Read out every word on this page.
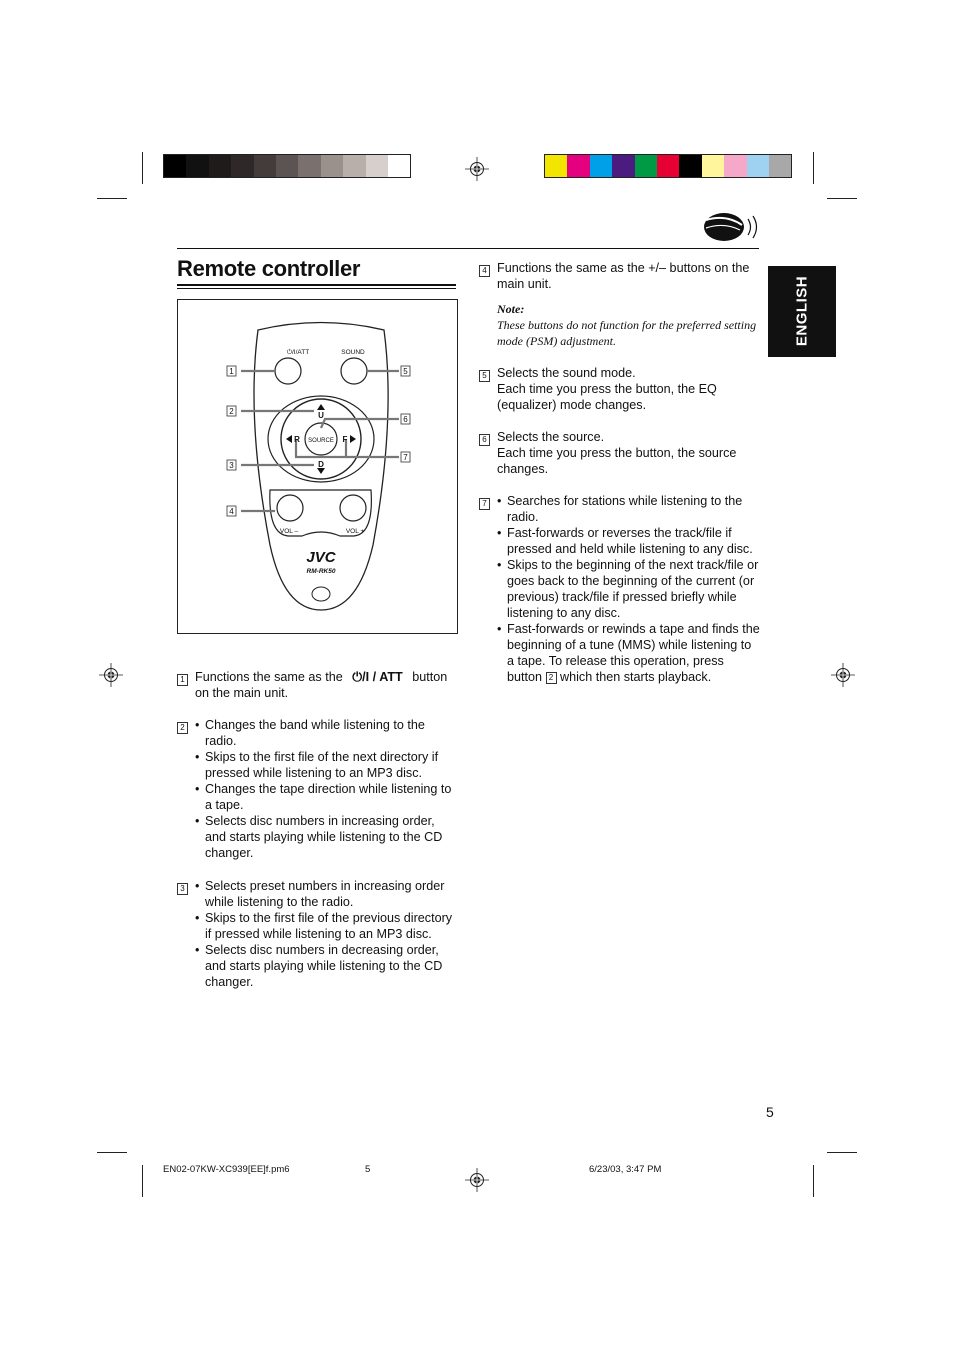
Remote controller
ENGLISH
1
2
3
4
5
6
7
⏻/I/ATT	SOUND
U
D
R	F
SOURCE
VOL –	VOL +
JVC
RM-RK50
1 Functions the same as the ⏻/I / ATT button on the main unit.
2	• Changes the band while listening to the radio.
• Skips to the first file of the next directory if pressed while listening to an MP3 disc.
• Changes the tape direction while listening to a tape.
• Selects disc numbers in increasing order, and starts playing while listening to the CD changer.
3	• Selects preset numbers in increasing order while listening to the radio.
• Skips to the first file of the previous directory if pressed while listening to an MP3 disc.
• Selects disc numbers in decreasing order, and starts playing while listening to the CD changer.
4 Functions the same as the +/– buttons on the main unit.
Note:
These buttons do not function for the preferred setting mode (PSM) adjustment.
5 Selects the sound mode.
Each time you press the button, the EQ (equalizer) mode changes.
6 Selects the source.
Each time you press the button, the source changes.
7	• Searches for stations while listening to the radio.
• Fast-forwards or reverses the track/file if pressed and held while listening to any disc.
• Skips to the beginning of the next track/file or goes back to the beginning of the current (or previous) track/file if pressed briefly while listening to any disc.
• Fast-forwards or rewinds a tape and finds the beginning of a tune (MMS) while listening to a tape. To release this operation, press button 2 which then starts playback.
5
EN02-07KW-XC939[EE]f.pm6	5	6/23/03, 3:47 PM
